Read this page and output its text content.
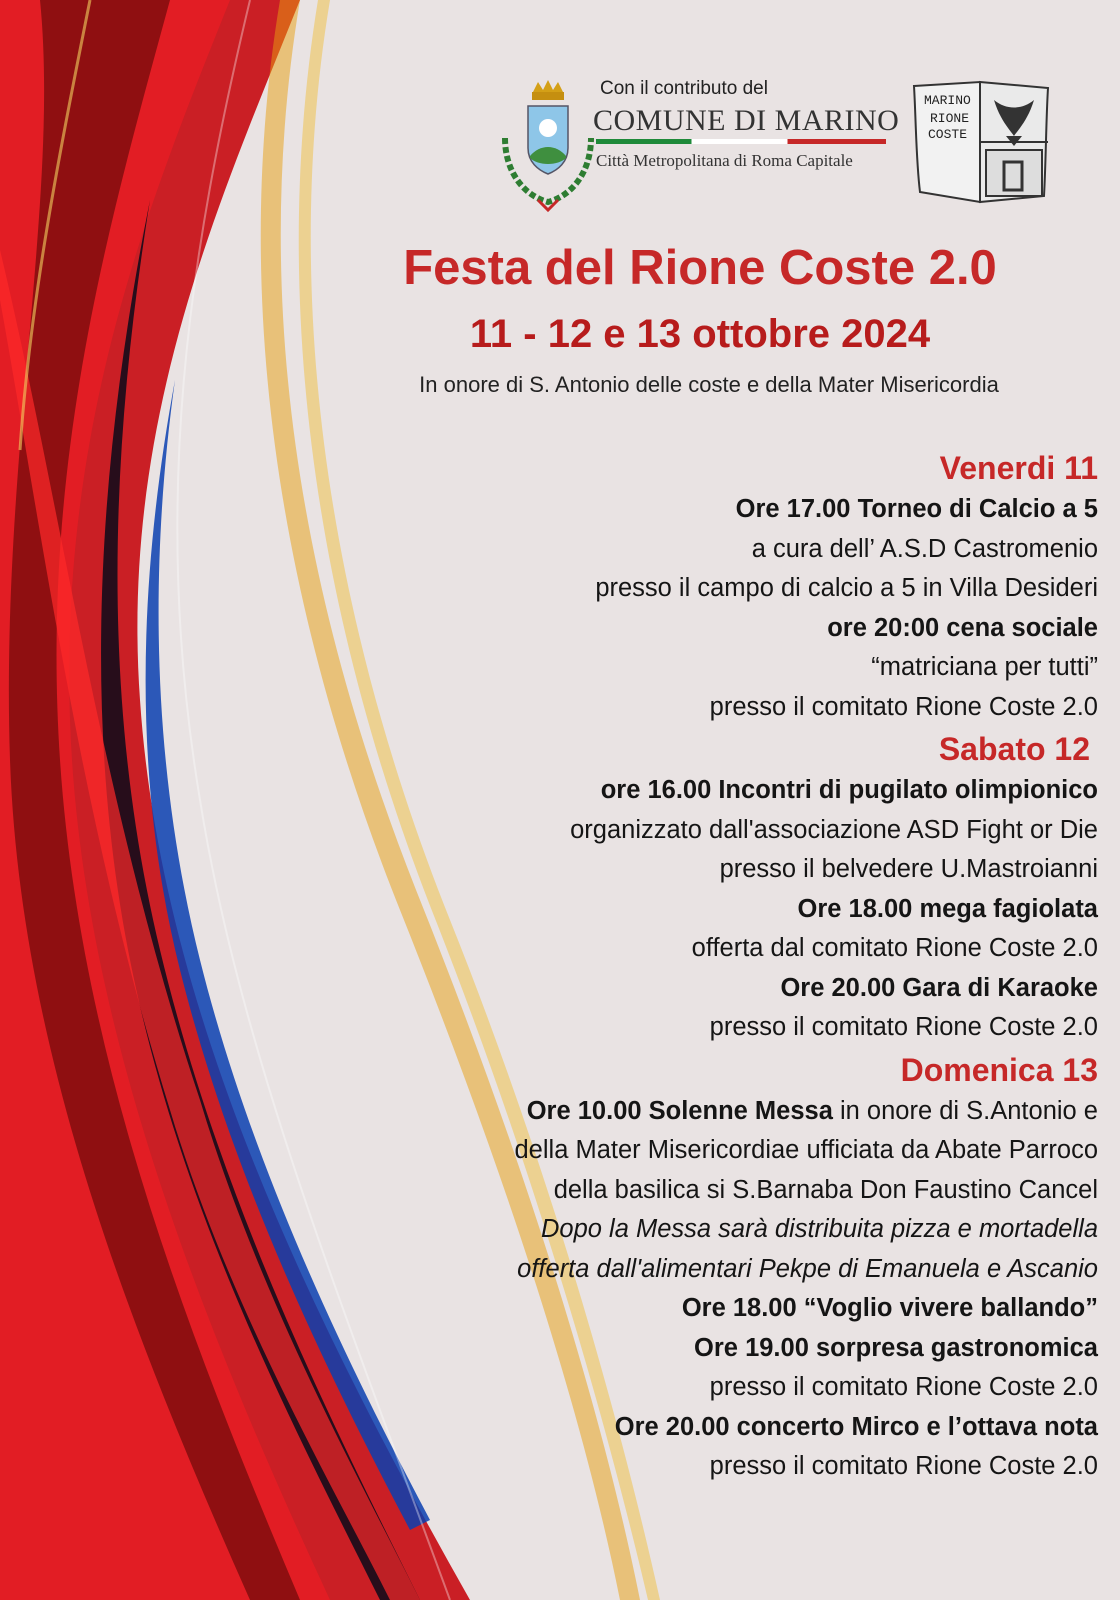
Con il contributo del
COMUNE DI MARINO
Città Metropolitana di Roma Capitale
MARINO
RIONE
COSTE
Festa del Rione Coste 2.0
11 - 12 e 13 ottobre 2024
In onore di S. Antonio delle coste e della Mater Misericordia
Venerdi 11
Ore 17.00 Torneo di Calcio a 5
a cura dell’ A.S.D Castromenio
presso il campo di calcio a 5 in Villa Desideri
ore 20:00 cena sociale
“matriciana per tutti”
presso il comitato Rione Coste 2.0
Sabato 12
ore 16.00 Incontri di pugilato olimpionico
organizzato dall'associazione ASD Fight or Die
presso il belvedere U.Mastroianni
Ore 18.00 mega fagiolata
offerta dal comitato Rione Coste 2.0
Ore 20.00 Gara di Karaoke
presso il comitato Rione Coste 2.0
Domenica 13
Ore 10.00 Solenne Messa in onore di S.Antonio e
della Mater Misericordiae ufficiata da Abate Parroco
della basilica si S.Barnaba Don Faustino Cancel
Dopo la Messa sarà distribuita pizza e mortadella
offerta dall'alimentari Pekpe di Emanuela e Ascanio
Ore 18.00 “Voglio vivere ballando”
Ore 19.00 sorpresa gastronomica
presso il comitato Rione Coste 2.0
Ore 20.00 concerto Mirco e l’ottava nota
presso il comitato Rione Coste 2.0
